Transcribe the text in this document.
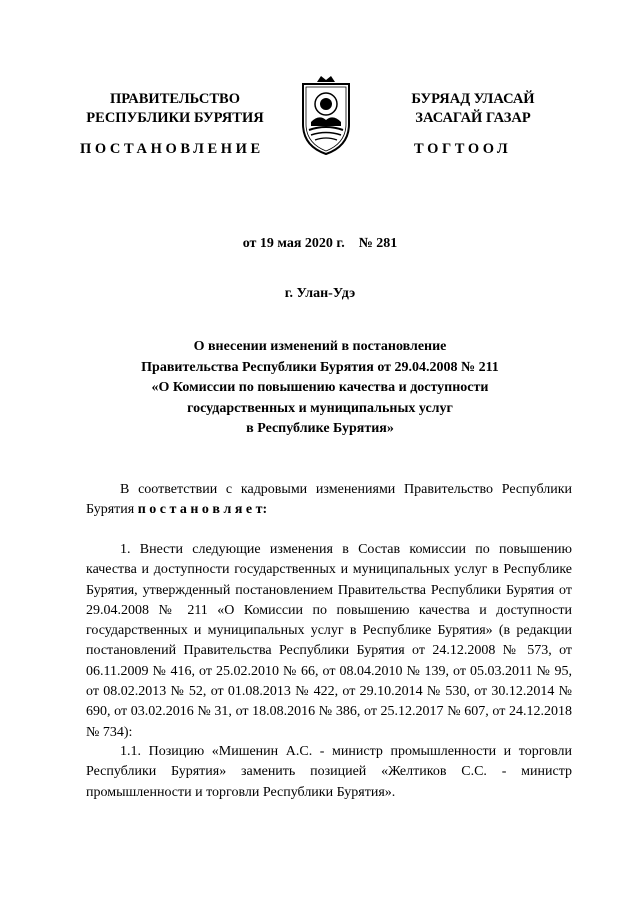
ПРАВИТЕЛЬСТВО
РЕСПУБЛИКИ БУРЯТИЯ
БУРЯАД УЛАСАЙ
ЗАСАГАЙ ГАЗАР
ПОСТАНОВЛЕНИЕ	ТОГТООЛ
от 19 мая 2020 г.    № 281
г. Улан-Удэ
О внесении изменений в постановление
Правительства Республики Бурятия от 29.04.2008 № 211
«О Комиссии по повышению качества и доступности
государственных и муниципальных услуг
в Республике Бурятия»
В соответствии с кадровыми изменениями Правительство Республики Бурятия п о с т а н о в л я е т:
1. Внести следующие изменения в Состав комиссии по повышению качества и доступности государственных и муниципальных услуг в Республике Бурятия, утвержденный постановлением Правительства Республики Бурятия от 29.04.2008 № 211 «О Комиссии по повышению качества и доступности государственных и муниципальных услуг в Республике Бурятия» (в редакции постановлений Правительства Республики Бурятия от 24.12.2008 № 573, от 06.11.2009 № 416, от 25.02.2010 № 66, от 08.04.2010 № 139, от 05.03.2011 № 95, от 08.02.2013 № 52, от 01.08.2013 № 422, от 29.10.2014 № 530, от 30.12.2014 № 690, от 03.02.2016 № 31, от 18.08.2016 № 386, от 25.12.2017 № 607, от 24.12.2018 № 734):
1.1. Позицию «Мишенин А.С. - министр промышленности и торговли Республики Бурятия» заменить позицией «Желтиков С.С. - министр промышленности и торговли Республики Бурятия».
